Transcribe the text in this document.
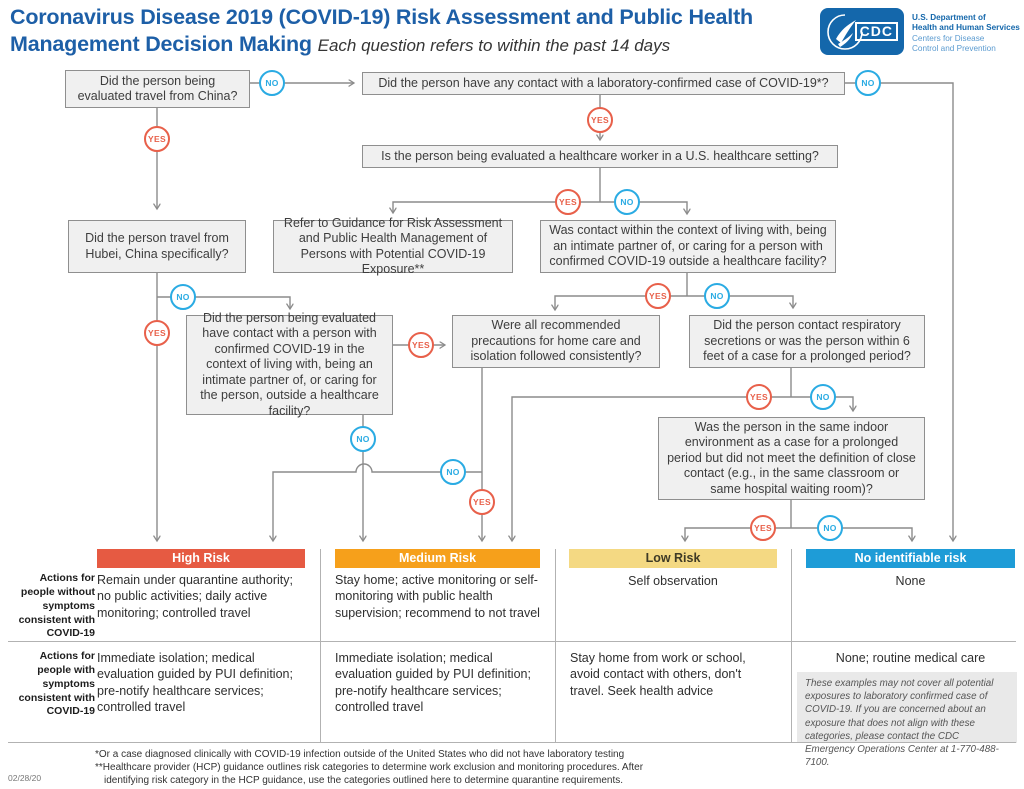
Coronavirus Disease 2019 (COVID-19) Risk Assessment and Public Health
Management Decision Making Each question refers to within the past 14 days
CDC
U.S. Department of
Health and Human Services
Centers for Disease
Control and Prevention
Did the person being evaluated travel from China?
Did the person have any contact with a laboratory-confirmed case of COVID-19*?
Is the person being evaluated a healthcare worker in a U.S. healthcare setting?
Did the person travel from Hubei, China specifically?
Refer to Guidance for Risk Assessment and Public Health Management of Persons with Potential COVID-19 Exposure**
Was contact within the context of living with, being an intimate partner of, or caring for a person with confirmed COVID-19 outside a healthcare facility?
Did the person being evaluated have contact with a person with confirmed COVID-19 in the context of living with, being an intimate partner of, or caring for the person, outside a healthcare facility?
Were all recommended precautions for home care and isolation followed consistently?
Did the person contact respiratory secretions or was the person within 6 feet of a case for a prolonged period?
Was the person in the same indoor environment as a case for a prolonged period but did not meet the definition of close contact (e.g., in the same classroom or same hospital waiting room)?
NO
YES
YES
NO
YES	NO
NO
YES
YES
NO
YES	NO
NO
YES
YES	NO
YES	NO
High Risk	Medium Risk	Low Risk	No identifiable risk
Actions for people without symptoms consistent with COVID-19
Actions for people with symptoms consistent with COVID-19
Remain under quarantine authority; no public activities; daily active monitoring; controlled travel
Stay home; active monitoring or self-monitoring with public health supervision; recommend to not travel
Self observation	None
Immediate isolation; medical evaluation guided by PUI definition; pre-notify healthcare services; controlled travel
Immediate isolation; medical evaluation guided by PUI definition; pre-notify healthcare services; controlled travel
Stay home from work or school, avoid contact with others, don't travel. Seek health advice
None; routine medical care
These examples may not cover all potential exposures to laboratory confirmed case of COVID-19. If you are concerned about an exposure that does not align with these categories, please contact the CDC Emergency Operations Center at 1-770-488-7100.
*Or a case diagnosed clinically with COVID-19 infection outside of the United States who did not have laboratory testing
**Healthcare provider (HCP) guidance outlines risk categories to determine work exclusion and monitoring procedures. After
identifying risk category in the HCP guidance, use the categories outlined here to determine quarantine requirements.
02/28/20
